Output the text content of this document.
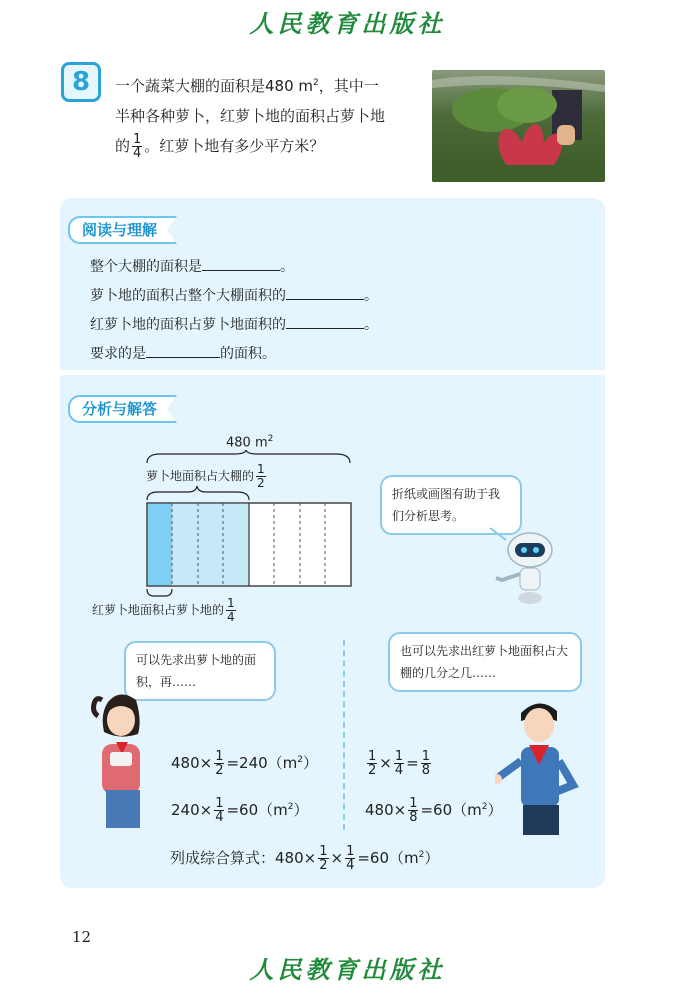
人民教育出版社
8	一个蔬菜大棚的面积是480 $m^2$，其中一
半种各种萝卜，红萝卜地的面积占萝卜地
的 $\frac{1}{4}$ 。红萝卜地有多少平方米？
阅读与理解
整个大棚的面积是	。
萝卜地的面积占整个大棚面积的	。
红萝卜地的面积占萝卜地面积的	。
要求的是	的面积。
分析与解答
480 $m^2$
萝卜地面积占大棚的 $\frac{1}{2}$
红萝卜地面积占萝卜地的 $\frac{1}{4}$
折纸或画图有助于我们分析思考。
可以先求出萝卜地的面积，再……
也可以先求出红萝卜地面积占大棚的几分之几……
$480\times \frac{1}{2} =240(m^2)$
$240\times \frac{1}{4} =60(m^2)$
$\frac{1}{2} \times \frac{1}{4} = \frac{1}{8}$
$480\times \frac{1}{8} =60(m^2)$
列成综合算式：$480\times \frac{1}{2} \times \frac{1}{4} =60(m^2)$
12
人民教育出版社
